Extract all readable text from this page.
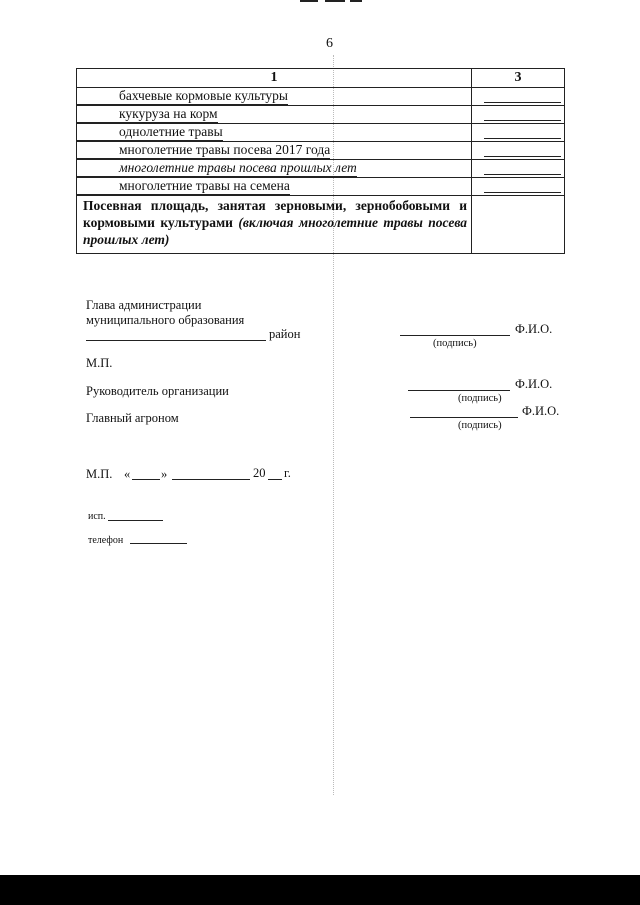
6
1	3
бахчевые кормовые культуры	
кукуруза на корм	
однолетние травы	
многолетние травы посева 2017 года	
многолетние травы посева прошлых лет	
многолетние травы на семена	
Посевная площадь, занятая зерновыми, зернобобовыми и кормовыми культурами (включая многолетние травы посева прошлых лет)	
Глава администрации
муниципального образования
район	Ф.И.О.
(подпись)
М.П.
Руководитель организации	Ф.И.О.
(подпись)
Главный агроном	Ф.И.О.
(подпись)
М.П. « »	20 г.
исп.
телефон
